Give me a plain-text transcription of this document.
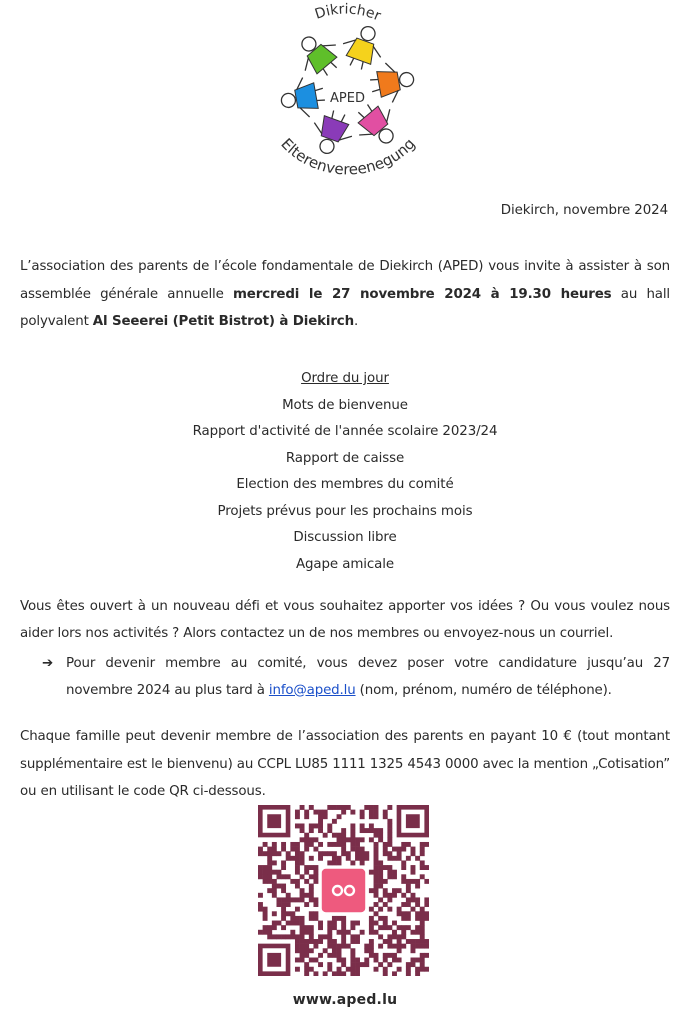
Dikricher
APED
Elterenvereenegung
Diekirch, novembre 2024
L’association des parents de l’école fondamentale de Diekirch (APED) vous invite à assister à son assemblée générale annuelle mercredi le 27 novembre 2024 à 19.30 heures au hall polyvalent Al Seeerei (Petit Bistrot) à Diekirch.
Ordre du jour
Mots de bienvenue
Rapport d'activité de l'année scolaire 2023/24
Rapport de caisse
Election des membres du comité
Projets prévus pour les prochains mois
Discussion libre
Agape amicale
Vous êtes ouvert à un nouveau défi et vous souhaitez apporter vos idées ? Ou vous voulez nous aider lors nos activités ? Alors contactez un de nos membres ou envoyez-nous un courriel.
➔ Pour devenir membre au comité, vous devez poser votre candidature jusqu’au 27 novembre 2024 au plus tard à info@aped.lu (nom, prénom, numéro de téléphone).
Chaque famille peut devenir membre de l’association des parents en payant 10 € (tout montant supplémentaire est le bienvenu) au CCPL LU85 1111 1325 4543 0000 avec la mention „Cotisation” ou en utilisant le code QR ci-dessous.
www.aped.lu
